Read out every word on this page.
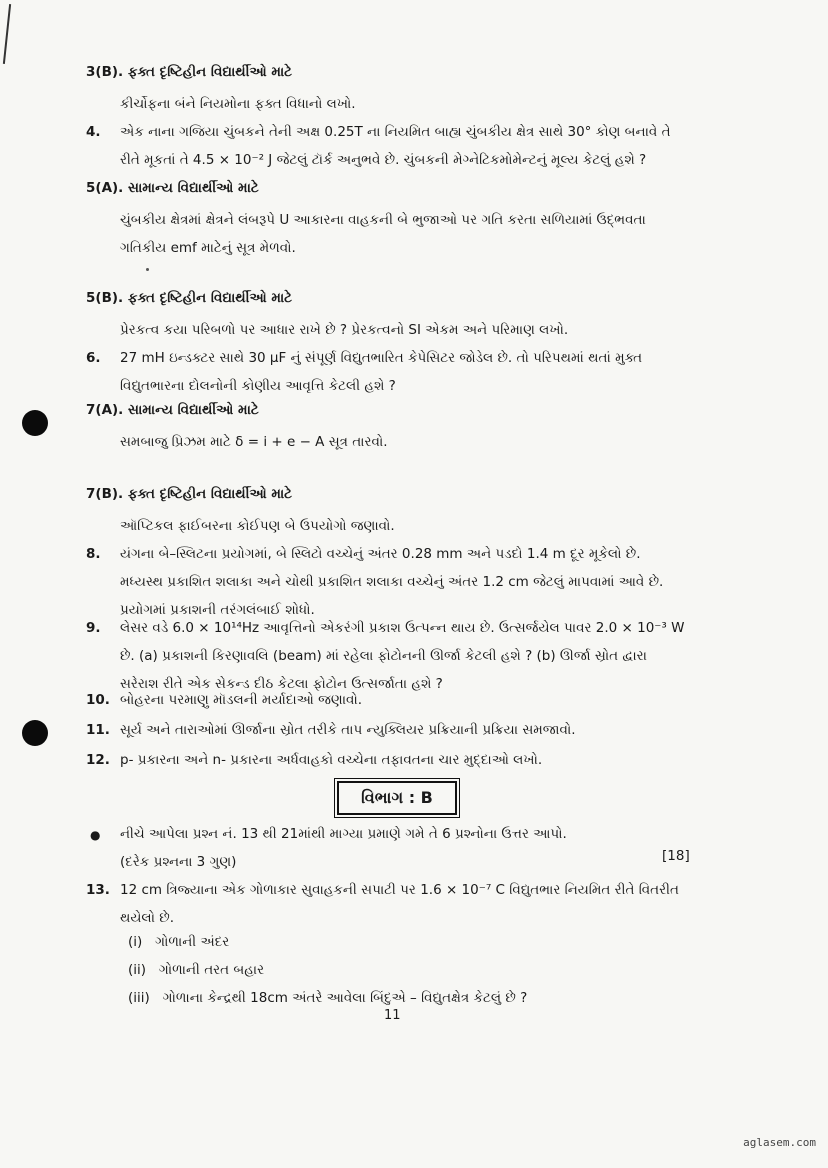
3(B). ફક્ત દૃષ્ટિહીન વિદ્યાર્થીઓ માટે
કીર્ચોફના બંને નિયમોના ફક્ત વિધાનો લખો.
4. એક નાના ગજિયા ચુંબકને તેની અક્ષ 0.25T ના નિયમિત બાહ્ય ચુંબકીય ક્ષેત્ર સાથે 30° કોણ બનાવે તે રીતે મૂકતાં તે 4.5 × 10⁻² J જેટલું ટૉર્ક અનુભવે છે. ચુંબકની મેગ્નેટિકમોમેન્ટનું મૂલ્ય કેટલું હશે ?
5(A). સામાન્ય વિદ્યાર્થીઓ માટે
ચુંબકીય ક્ષેત્રમાં ક્ષેત્રને લંબરૂપે U આકારના વાહકની બે ભુજાઓ પર ગતિ કરતા સળિયામાં ઉદ્‌ભવતા ગતિકીય emf માટેનું સૂત્ર મેળવો.
5(B). ફક્ત દૃષ્ટિહીન વિદ્યાર્થીઓ માટે
પ્રેરકત્વ કયા પરિબળો પર આધાર રાખે છે ? પ્રેરકત્વનો SI એકમ અને પરિમાણ લખો.
6. 27 mH ઇન્ડક્ટર સાથે 30 μF નું સંપૂર્ણ વિદ્યુતભારિત કેપેસિટર જોડેલ છે. તો પરિપથમાં થતાં મુક્ત વિદ્યુતભારના દોલનોની કોણીય આવૃત્તિ કેટલી હશે ?
7(A). સામાન્ય વિદ્યાર્થીઓ માટે
સમબાજુ પ્રિઝમ માટે δ = i + e − A સૂત્ર તારવો.
7(B). ફક્ત દૃષ્ટિહીન વિદ્યાર્થીઓ માટે
ઑપ્ટિકલ ફાઈબરના કોઈપણ બે ઉપયોગો જણાવો.
8. યંગના બે–સ્લિટના પ્રયોગમાં, બે સ્લિટો વચ્ચેનું અંતર 0.28 mm અને પડદો 1.4 m દૂર મૂકેલો છે. મધ્યસ્થ પ્રકાશિત શલાકા અને ચોથી પ્રકાશિત શલાકા વચ્ચેનું અંતર 1.2 cm જેટલું માપવામાં આવે છે. પ્રયોગમાં પ્રકાશની તરંગલંબાઈ શોધો.
9. લેસર વડે 6.0 × 10¹⁴Hz આવૃત્તિનો એકરંગી પ્રકાશ ઉત્પન્ન થાય છે. ઉત્સર્જયેલ પાવર 2.0 × 10⁻³ W છે. (a) પ્રકાશની કિરણાવલિ (beam) માં રહેલા ફોટોનની ઊર્જા કેટલી હશે ? (b) ઊર્જા સ્રોત દ્વારા સરેરાશ રીતે એક સેકન્ડ દીઠ કેટલા ફોટોન ઉત્સર્જાતા હશે ?
10. બોહરના પરમાણુ મૉડલની મર્યાદાઓ જણાવો.
11. સૂર્ય અને તારાઓમાં ઊર્જાના સ્રોત તરીકે તાપ ન્યુક્લિયર પ્રક્રિયાની પ્રક્રિયા સમજાવો.
12. p- પ્રકારના અને n- પ્રકારના અર્ધવાહકો વચ્ચેના તફાવતના ચાર મુદ્દાઓ લખો.
વિભાગ : B
● નીચે આપેલા પ્રશ્ન નં. 13 થી 21માંથી માગ્યા પ્રમાણે ગમે તે 6 પ્રશ્નોના ઉત્તર આપો.
(દરેક પ્રશ્નના 3 ગુણ)	[18]
13. 12 cm ત્રિજ્યાના એક ગોળાકાર સુવાહકની સપાટી પર 1.6 × 10⁻⁷ C વિદ્યુતભાર નિયમિત રીતે વિતરીત થયેલો છે.
(i) ગોળાની અંદર
(ii) ગોળાની તરત બહાર
(iii) ગોળાના કેન્દ્રથી 18cm અંતરે આવેલા બિંદુએ – વિદ્યુતક્ષેત્ર કેટલું છે ?
11
aglasem.com
